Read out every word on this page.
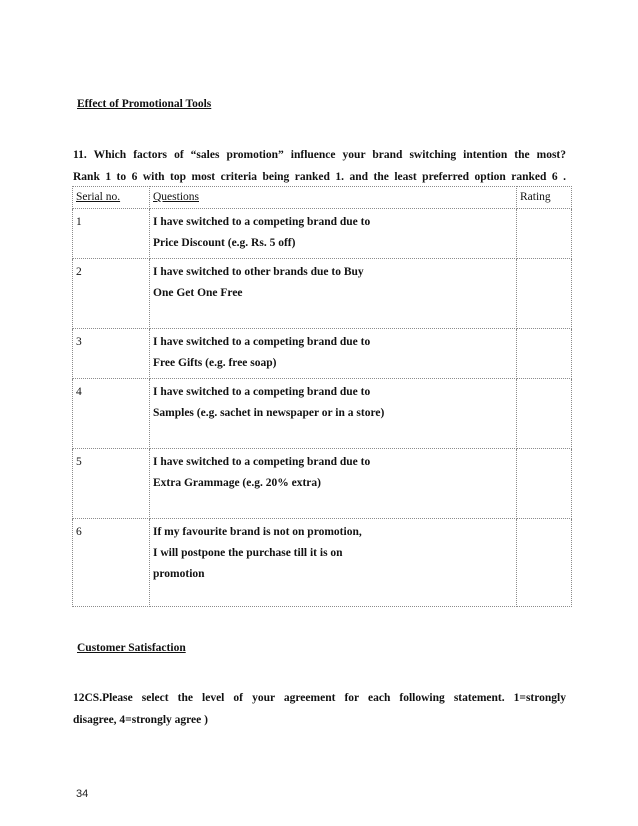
Effect of Promotional Tools
11. Which factors of “sales promotion” influence your brand switching intention the most?
Rank 1 to 6 with top most criteria being ranked 1. and the least preferred option ranked 6 .
Serial no.	Questions	Rating
1	I have switched to a competing brand due to
Price Discount (e.g. Rs. 5 off)	

2	I have switched to other brands due to Buy
One Get One Free	

3	I have switched to a competing brand due to
Free Gifts (e.g. free soap)	

4	I have switched to a competing brand due to
Samples (e.g. sachet in newspaper or in a store)	

5	I have switched to a competing brand due to
Extra Grammage (e.g. 20% extra)	

6	If my favourite brand is not on promotion,
I will postpone the purchase till it is on
promotion	

Customer Satisfaction
12CS.Please select the level of your agreement for each following statement. 1=strongly
disagree, 4=strongly agree )
34
